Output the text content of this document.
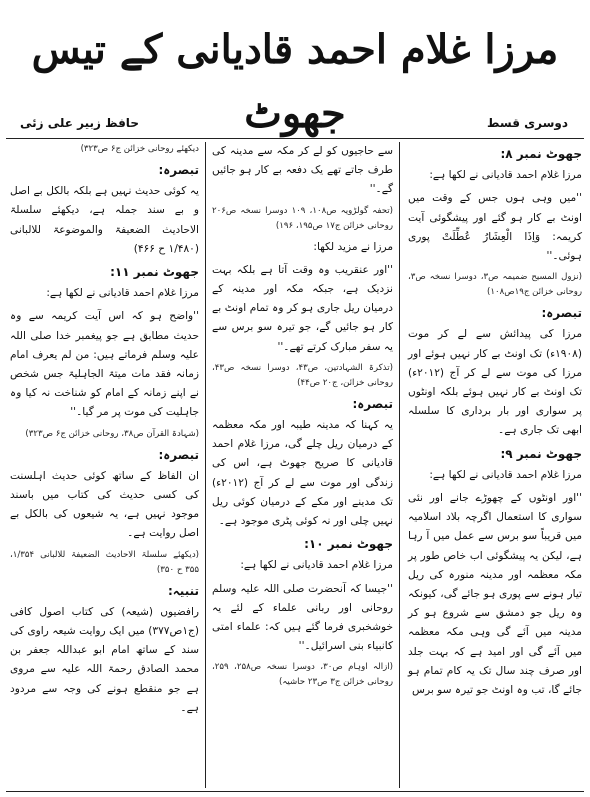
مرزا غلام احمد قادیانی کے تیس جھوٹ	دوسری قسط
حافظ زبیر علی زئی
جھوٹ نمبر ۸:

مرزا غلام احمد قادیانی نے لکھا ہے:

''میں وہی ہوں جس کے وقت میں اونٹ بے کار ہو گئے اور پیشگوئی آیت کریمہ: وَاِذَا الْعِشَارُ عُطِّلَتْ پوری ہوئی۔''

(نزول المسیح ضمیمہ ص۳، دوسرا نسخہ ص۳، روحانی خزائن ج۱۹ص۱۰۸)

تبصرہ:

مرزا کی پیدائش سے لے کر موت (۱۹۰۸ء) تک اونٹ بے کار نہیں ہوئے اور مرزا کی موت سے لے کر آج (۲۰۱۲ء) تک اونٹ بے کار نہیں ہوئے بلکہ اونٹوں پر سواری اور بار برداری کا سلسلہ ابھی تک جاری ہے۔

جھوٹ نمبر ۹:

مرزا غلام احمد قادیانی نے لکھا ہے:

''اور اونٹوں کے چھوڑے جانے اور نئی سواری کا استعمال اگرچہ بلاد اسلامیہ میں قریباً سو برس سے عمل میں آ رہا ہے، لیکن یہ پیشگوئی اب خاص طور پر مکہ معظمہ اور مدینہ منورہ کی ریل تیار ہونے سے پوری ہو جائے گی، کیونکہ وہ ریل جو دمشق سے شروع ہو کر مدینہ میں آئے گی وہی مکہ معظمہ میں آئے گی اور امید ہے کہ بہت جلد اور صرف چند سال تک یہ کام تمام ہو جائے گا، تب وہ اونٹ جو تیرہ سو برس

سے حاجیوں کو لے کر مکہ سے مدینہ کی طرف جاتے تھے یک دفعہ بے کار ہو جائیں گے۔''

(تحفہ گولڑویہ ص۱۰۸، ۱۰۹ دوسرا نسخہ ص۲۰۶ روحانی خزائن ج۱۷ ص۱۹۵، ۱۹۶)

مرزا نے مزید لکھا:

''اور عنقریب وہ وقت آتا ہے بلکہ بہت نزدیک ہے، جبکہ مکہ اور مدینہ کے درمیان ریل جاری ہو کر وہ تمام اونٹ بے کار ہو جائیں گے، جو تیرہ سو برس سے یہ سفر مبارک کرتے تھے۔''

(تذکرۃ الشہادتین، ص۴۳، دوسرا نسخہ ص۴۳، روحانی خزائن، ج۲۰ ص۴۴)

تبصرہ:

یہ کہنا کہ مدینہ طیبہ اور مکہ معظمہ کے درمیان ریل چلے گی، مرزا غلام احمد قادیانی کا صریح جھوٹ ہے، اس کی زندگی اور موت سے لے کر آج (۲۰۱۲ء) تک مدینے اور مکے کے درمیان کوئی ریل نہیں چلی اور نہ کوئی پٹری موجود ہے۔

جھوٹ نمبر ۱۰:

مرزا غلام احمد قادیانی نے لکھا ہے:

''جیسا کہ آنحضرت صلی اللہ علیہ وسلم روحانی اور ربانی علماء کے لئے یہ خوشخبری فرما گئے ہیں کہ: علماء امتی کانبیاء بنی اسرائیل۔''

(ازالہ اوہام ص۳۰، دوسرا نسخہ ص۲۵۸، ۲۵۹، روحانی خزائن ج۳ ص۲۳ حاشیہ)

دیکھئے روحانی خزائن ج۶ ص۳۲۳)

تبصرہ:

یہ کوئی حدیث نہیں ہے بلکہ بالکل بے اصل و بے سند جملہ ہے، دیکھئے سلسلۃ الاحادیث الضعیفۃ والموضوعۃ للالبانی (۱/۴۸۰ ح ۴۶۶)

جھوٹ نمبر ۱۱:

مرزا غلام احمد قادیانی نے لکھا ہے:

''واضح ہو کہ اس آیت کریمہ سے وہ حدیث مطابق ہے جو پیغمبر خدا صلی اللہ علیہ وسلم فرماتے ہیں: من لم یعرف امام زمانہ فقد مات میتۃ الجاہلیۃ جس شخص نے اپنے زمانہ کے امام کو شناخت نہ کیا وہ جاہلیت کی موت پر مر گیا۔''

(شہادۃ القرآن ص۳۸، روحانی خزائن ج۶ ص۳۲۳)

تبصرہ:

ان الفاظ کے ساتھ کوئی حدیث اہلسنت کی کسی حدیث کی کتاب میں باسند موجود نہیں ہے، یہ شیعوں کی بالکل بے اصل روایت ہے۔

(دیکھئے سلسلۃ الاحادیث الضعیفۃ للالبانی ۱/۳۵۴، ۳۵۵ ح ۳۵۰)

تنبیہ:

رافضیوں (شیعہ) کی کتاب اصول کافی (ج۱ص۳۷۷) میں ایک روایت شیعہ راوی کی سند کے ساتھ امام ابو عبداللہ جعفر بن محمد الصادق رحمۃ اللہ علیہ سے مروی ہے جو منقطع ہونے کی وجہ سے مردود ہے۔
